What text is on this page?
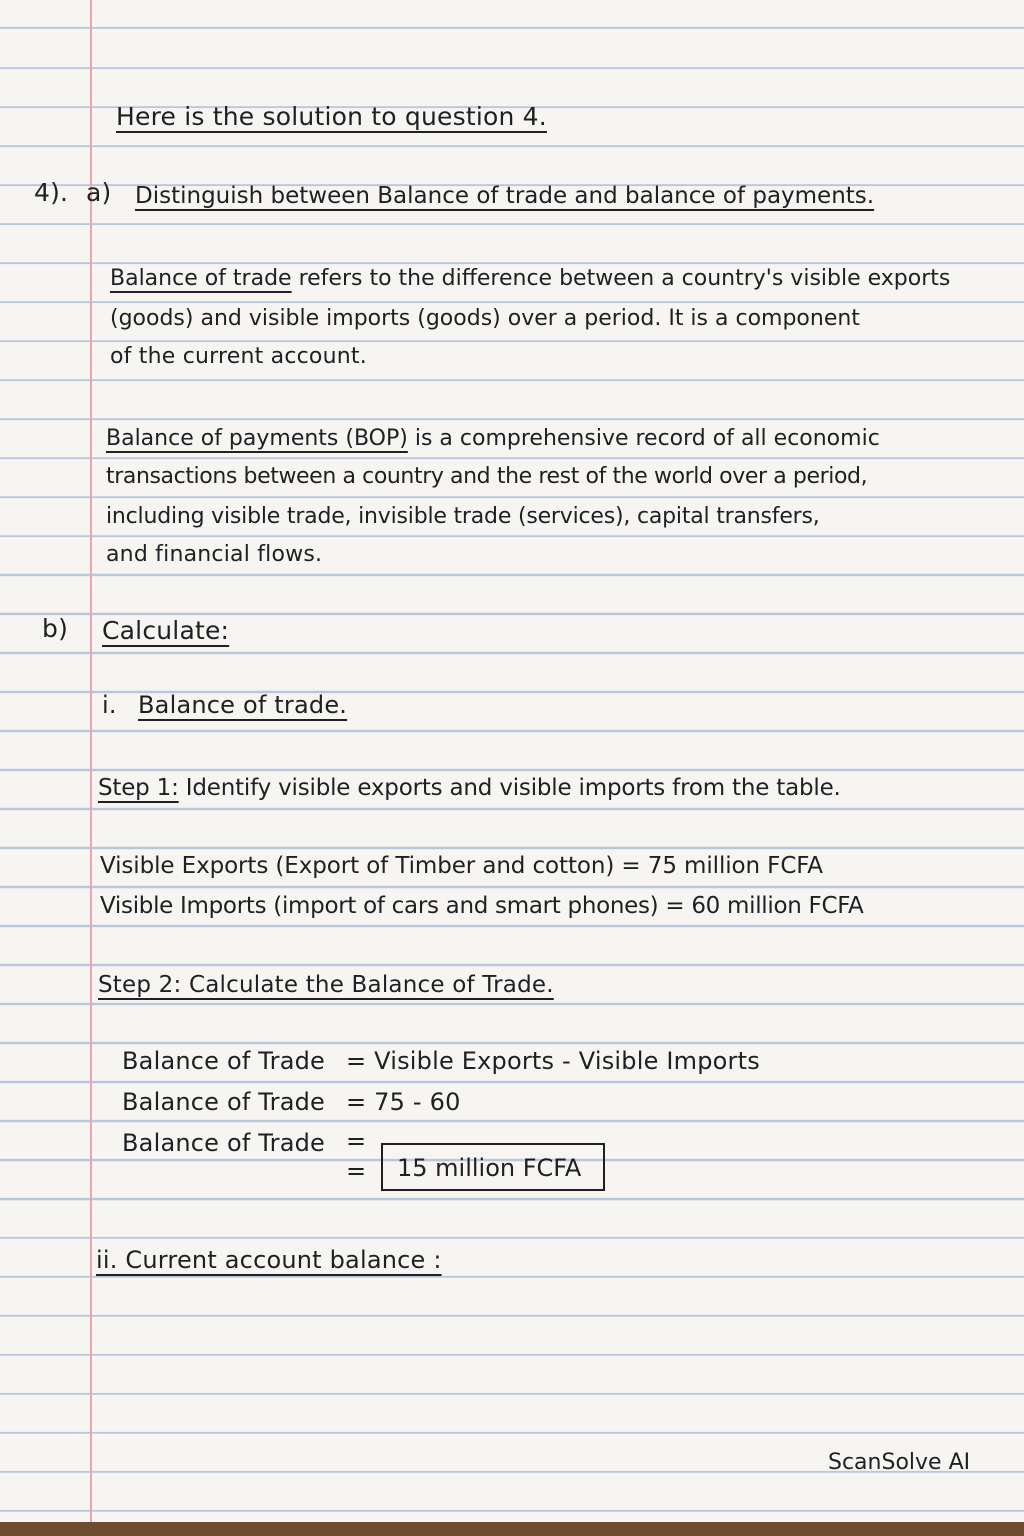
Here is the solution to question 4.
4). a) Distinguish between Balance of trade and balance of payments.
Balance of trade refers to the difference between a country's visible exports
(goods) and visible imports (goods) over a period. It is a component
of the current account.
Balance of payments (BOP) is a comprehensive record of all economic
transactions between a country and the rest of the world over a period,
including visible trade, invisible trade (services), capital transfers,
and financial flows.
b) Calculate:
i. Balance of trade.
Step 1: Identify visible exports and visible imports from the table.
Visible Exports (Export of Timber and cotton) = 75 million FCFA
Visible Imports (import of cars and smart phones) = 60 million FCFA
Step 2: Calculate the Balance of Trade.
Balance of Trade = Visible Exports - Visible Imports
Balance of Trade = 75 - 60
Balance of Trade =
= 15 million FCFA
ii. Current account balance :
ScanSolve AI
